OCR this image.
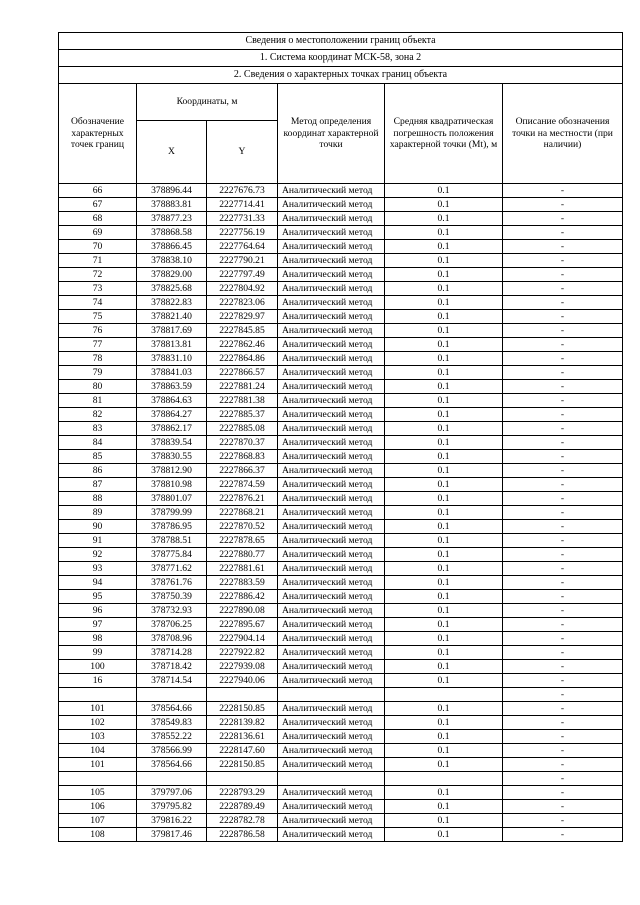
Сведения о местоположении границ объекта					
1. Система координат МСК-58, зона 2					
2. Сведения о характерных точках границ объекта					
Обозначение характерных точек границ	Координаты, м		Метод определения координат характерной точки	Средняя квадратическая погрешность положения характерной точки (Mt), м	Описание обозначения точки на местности (при наличии)
	X	Y			
66	378896.44	2227676.73	Аналитический метод	0.1	-
67	378883.81	2227714.41	Аналитический метод	0.1	-
68	378877.23	2227731.33	Аналитический метод	0.1	-
69	378868.58	2227756.19	Аналитический метод	0.1	-
70	378866.45	2227764.64	Аналитический метод	0.1	-
71	378838.10	2227790.21	Аналитический метод	0.1	-
72	378829.00	2227797.49	Аналитический метод	0.1	-
73	378825.68	2227804.92	Аналитический метод	0.1	-
74	378822.83	2227823.06	Аналитический метод	0.1	-
75	378821.40	2227829.97	Аналитический метод	0.1	-
76	378817.69	2227845.85	Аналитический метод	0.1	-
77	378813.81	2227862.46	Аналитический метод	0.1	-
78	378831.10	2227864.86	Аналитический метод	0.1	-
79	378841.03	2227866.57	Аналитический метод	0.1	-
80	378863.59	2227881.24	Аналитический метод	0.1	-
81	378864.63	2227881.38	Аналитический метод	0.1	-
82	378864.27	2227885.37	Аналитический метод	0.1	-
83	378862.17	2227885.08	Аналитический метод	0.1	-
84	378839.54	2227870.37	Аналитический метод	0.1	-
85	378830.55	2227868.83	Аналитический метод	0.1	-
86	378812.90	2227866.37	Аналитический метод	0.1	-
87	378810.98	2227874.59	Аналитический метод	0.1	-
88	378801.07	2227876.21	Аналитический метод	0.1	-
89	378799.99	2227868.21	Аналитический метод	0.1	-
90	378786.95	2227870.52	Аналитический метод	0.1	-
91	378788.51	2227878.65	Аналитический метод	0.1	-
92	378775.84	2227880.77	Аналитический метод	0.1	-
93	378771.62	2227881.61	Аналитический метод	0.1	-
94	378761.76	2227883.59	Аналитический метод	0.1	-
95	378750.39	2227886.42	Аналитический метод	0.1	-
96	378732.93	2227890.08	Аналитический метод	0.1	-
97	378706.25	2227895.67	Аналитический метод	0.1	-
98	378708.96	2227904.14	Аналитический метод	0.1	-
99	378714.28	2227922.82	Аналитический метод	0.1	-
100	378718.42	2227939.08	Аналитический метод	0.1	-
16	378714.54	2227940.06	Аналитический метод	0.1	-
					-
101	378564.66	2228150.85	Аналитический метод	0.1	-
102	378549.83	2228139.82	Аналитический метод	0.1	-
103	378552.22	2228136.61	Аналитический метод	0.1	-
104	378566.99	2228147.60	Аналитический метод	0.1	-
101	378564.66	2228150.85	Аналитический метод	0.1	-
					-
105	379797.06	2228793.29	Аналитический метод	0.1	-
106	379795.82	2228789.49	Аналитический метод	0.1	-
107	379816.22	2228782.78	Аналитический метод	0.1	-
108	379817.46	2228786.58	Аналитический метод	0.1	-
